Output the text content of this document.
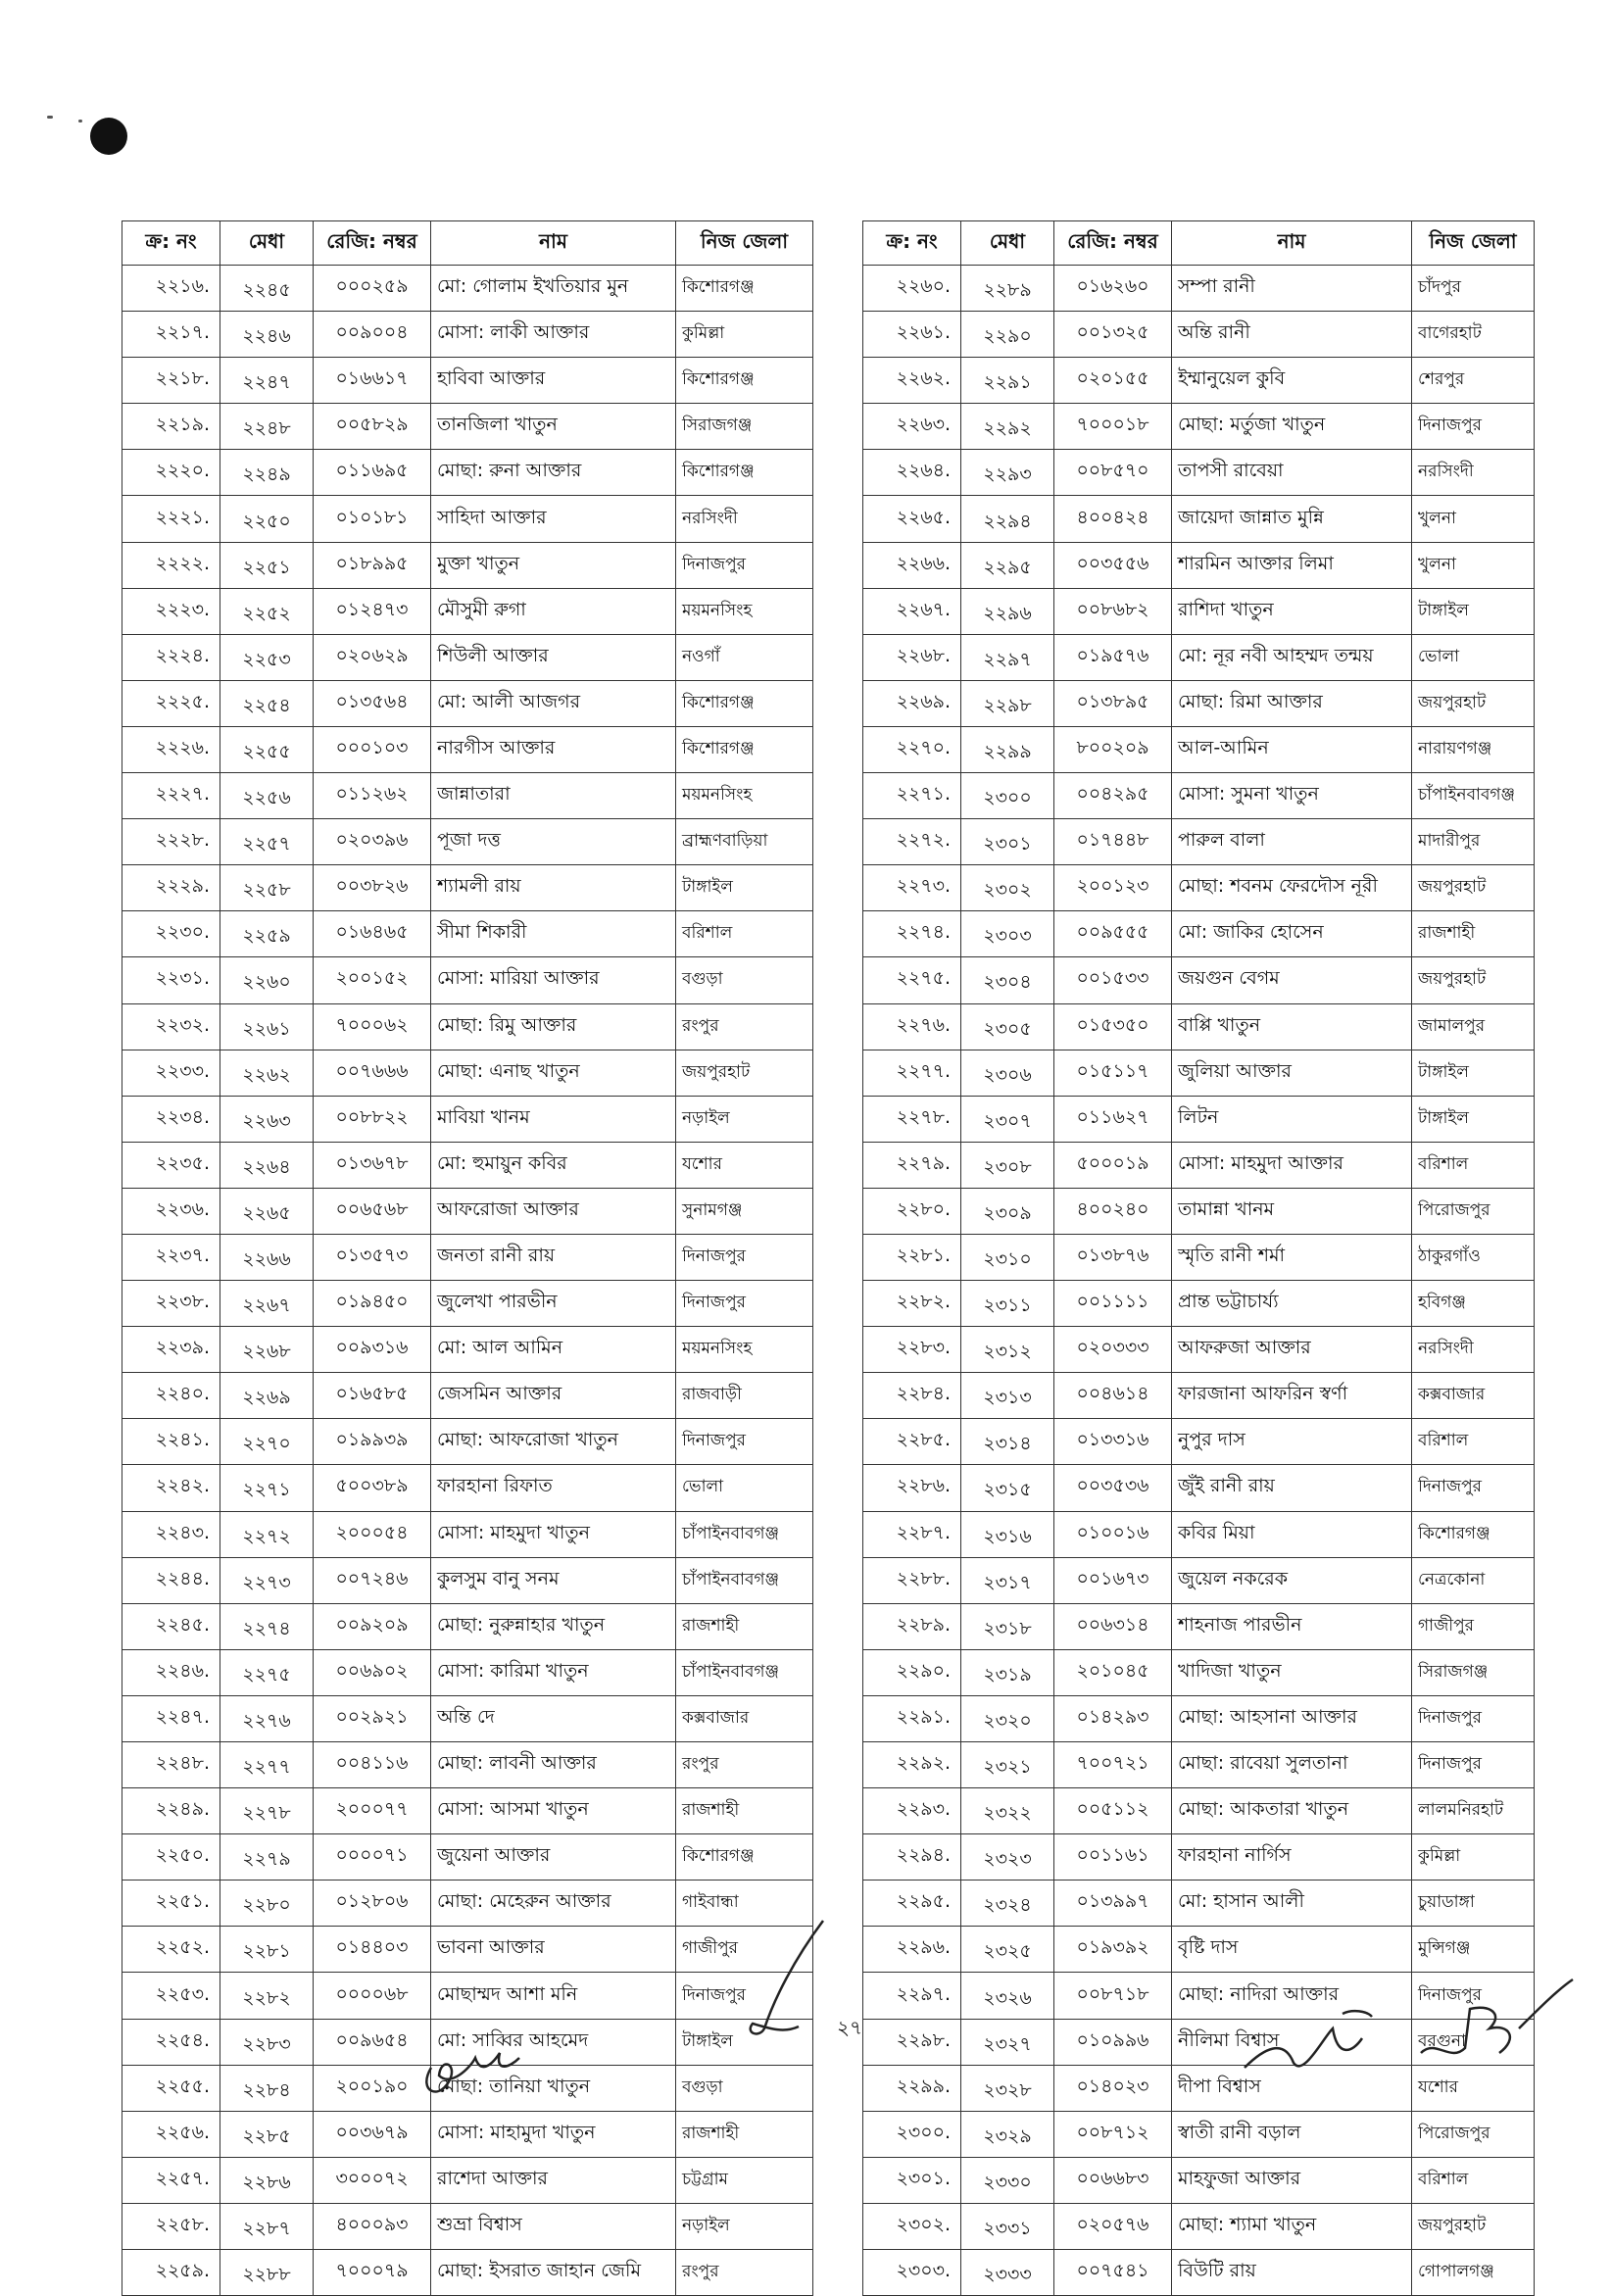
ক্র: নং	মেধা	রেজি: নম্বর	নাম	নিজ জেলা
২২১৬.	২২৪৫	০০০২৫৯	মো: গোলাম ইখতিয়ার মুন	কিশোরগঞ্জ
২২১৭.	২২৪৬	০০৯০০৪	মোসা: লাকী আক্তার	কুমিল্লা
২২১৮.	২২৪৭	০১৬৬১৭	হাবিবা আক্তার	কিশোরগঞ্জ
২২১৯.	২২৪৮	০০৫৮২৯	তানজিলা খাতুন	সিরাজগঞ্জ
২২২০.	২২৪৯	০১১৬৯৫	মোছা: রুনা আক্তার	কিশোরগঞ্জ
২২২১.	২২৫০	০১০১৮১	সাহিদা আক্তার	নরসিংদী
২২২২.	২২৫১	০১৮৯৯৫	মুক্তা খাতুন	দিনাজপুর
২২২৩.	২২৫২	০১২৪৭৩	মৌসুমী রুগা	ময়মনসিংহ
২২২৪.	২২৫৩	০২০৬২৯	শিউলী আক্তার	নওগাঁ
২২২৫.	২২৫৪	০১৩৫৬৪	মো: আলী আজগর	কিশোরগঞ্জ
২২২৬.	২২৫৫	০০০১০৩	নারগীস আক্তার	কিশোরগঞ্জ
২২২৭.	২২৫৬	০১১২৬২	জান্নাতারা	ময়মনসিংহ
২২২৮.	২২৫৭	০২০৩৯৬	পূজা দত্ত	ব্রাহ্মণবাড়িয়া
২২২৯.	২২৫৮	০০৩৮২৬	শ্যামলী রায়	টাঙ্গাইল
২২৩০.	২২৫৯	০১৬৪৬৫	সীমা শিকারী	বরিশাল
২২৩১.	২২৬০	২০০১৫২	মোসা: মারিয়া আক্তার	বগুড়া
২২৩২.	২২৬১	৭০০০৬২	মোছা: রিমু আক্তার	রংপুর
২২৩৩.	২২৬২	০০৭৬৬৬	মোছা: এনাছ খাতুন	জয়পুরহাট
২২৩৪.	২২৬৩	০০৮৮২২	মাবিয়া খানম	নড়াইল
২২৩৫.	২২৬৪	০১৩৬৭৮	মো: হুমায়ুন কবির	যশোর
২২৩৬.	২২৬৫	০০৬৫৬৮	আফরোজা আক্তার	সুনামগঞ্জ
২২৩৭.	২২৬৬	০১৩৫৭৩	জনতা রানী রায়	দিনাজপুর
২২৩৮.	২২৬৭	০১৯৪৫০	জুলেখা পারভীন	দিনাজপুর
২২৩৯.	২২৬৮	০০৯৩১৬	মো: আল আমিন	ময়মনসিংহ
২২৪০.	২২৬৯	০১৬৫৮৫	জেসমিন আক্তার	রাজবাড়ী
২২৪১.	২২৭০	০১৯৯৩৯	মোছা: আফরোজা খাতুন	দিনাজপুর
২২৪২.	২২৭১	৫০০৩৮৯	ফারহানা রিফাত	ভোলা
২২৪৩.	২২৭২	২০০০৫৪	মোসা: মাহমুদা খাতুন	চাঁপাইনবাবগঞ্জ
২২৪৪.	২২৭৩	০০৭২৪৬	কুলসুম বানু সনম	চাঁপাইনবাবগঞ্জ
২২৪৫.	২২৭৪	০০৯২০৯	মোছা: নুরুন্নাহার খাতুন	রাজশাহী
২২৪৬.	২২৭৫	০০৬৯০২	মোসা: কারিমা খাতুন	চাঁপাইনবাবগঞ্জ
২২৪৭.	২২৭৬	০০২৯২১	অন্তি দে	কক্সবাজার
২২৪৮.	২২৭৭	০০৪১১৬	মোছা: লাবনী আক্তার	রংপুর
২২৪৯.	২২৭৮	২০০০৭৭	মোসা: আসমা খাতুন	রাজশাহী
২২৫০.	২২৭৯	০০০০৭১	জুয়েনা আক্তার	কিশোরগঞ্জ
২২৫১.	২২৮০	০১২৮০৬	মোছা: মেহেরুন আক্তার	গাইবান্ধা
২২৫২.	২২৮১	০১৪৪০৩	ভাবনা আক্তার	গাজীপুর
২২৫৩.	২২৮২	০০০০৬৮	মোছাম্মদ আশা মনি	দিনাজপুর
২২৫৪.	২২৮৩	০০৯৬৫৪	মো: সাব্বির আহমেদ	টাঙ্গাইল
২২৫৫.	২২৮৪	২০০১৯০	মোছা: তানিয়া খাতুন	বগুড়া
২২৫৬.	২২৮৫	০০৩৬৭৯	মোসা: মাহামুদা খাতুন	রাজশাহী
২২৫৭.	২২৮৬	৩০০০৭২	রাশেদা আক্তার	চট্টগ্রাম
২২৫৮.	২২৮৭	৪০০০৯৩	শুভ্রা বিশ্বাস	নড়াইল
২২৫৯.	২২৮৮	৭০০০৭৯	মোছা: ইসরাত জাহান জেমি	রংপুর
ক্র: নং	মেধা	রেজি: নম্বর	নাম	নিজ জেলা
২২৬০.	২২৮৯	০১৬২৬০	সম্পা রানী	চাঁদপুর
২২৬১.	২২৯০	০০১৩২৫	অন্তি রানী	বাগেরহাট
২২৬২.	২২৯১	০২০১৫৫	ইম্মানুয়েল কুবি	শেরপুর
২২৬৩.	২২৯২	৭০০০১৮	মোছা: মর্তুজা খাতুন	দিনাজপুর
২২৬৪.	২২৯৩	০০৮৫৭০	তাপসী রাবেয়া	নরসিংদী
২২৬৫.	২২৯৪	৪০০৪২৪	জায়েদা জান্নাত মুন্নি	খুলনা
২২৬৬.	২২৯৫	০০৩৫৫৬	শারমিন আক্তার লিমা	খুলনা
২২৬৭.	২২৯৬	০০৮৬৮২	রাশিদা খাতুন	টাঙ্গাইল
২২৬৮.	২২৯৭	০১৯৫৭৬	মো: নূর নবী আহম্মদ তন্ময়	ভোলা
২২৬৯.	২২৯৮	০১৩৮৯৫	মোছা: রিমা আক্তার	জয়পুরহাট
২২৭০.	২২৯৯	৮০০২০৯	আল-আমিন	নারায়ণগঞ্জ
২২৭১.	২৩০০	০০৪২৯৫	মোসা: সুমনা খাতুন	চাঁপাইনবাবগঞ্জ
২২৭২.	২৩০১	০১৭৪৪৮	পারুল বালা	মাদারীপুর
২২৭৩.	২৩০২	২০০১২৩	মোছা: শবনম ফেরদৌস নূরী	জয়পুরহাট
২২৭৪.	২৩০৩	০০৯৫৫৫	মো: জাকির হোসেন	রাজশাহী
২২৭৫.	২৩০৪	০০১৫৩৩	জয়গুন বেগম	জয়পুরহাট
২২৭৬.	২৩০৫	০১৫৩৫০	বাপ্পি খাতুন	জামালপুর
২২৭৭.	২৩০৬	০১৫১১৭	জুলিয়া আক্তার	টাঙ্গাইল
২২৭৮.	২৩০৭	০১১৬২৭	লিটন	টাঙ্গাইল
২২৭৯.	২৩০৮	৫০০০১৯	মোসা: মাহমুদা আক্তার	বরিশাল
২২৮০.	২৩০৯	৪০০২৪০	তামান্না খানম	পিরোজপুর
২২৮১.	২৩১০	০১৩৮৭৬	স্মৃতি রানী শর্মা	ঠাকুরগাঁও
২২৮২.	২৩১১	০০১১১১	প্রান্ত ভট্টাচার্য্য	হবিগঞ্জ
২২৮৩.	২৩১২	০২০৩৩৩	আফরুজা আক্তার	নরসিংদী
২২৮৪.	২৩১৩	০০৪৬১৪	ফারজানা আফরিন স্বর্ণা	কক্সবাজার
২২৮৫.	২৩১৪	০১৩৩১৬	নুপুর দাস	বরিশাল
২২৮৬.	২৩১৫	০০৩৫৩৬	জুঁই রানী রায়	দিনাজপুর
২২৮৭.	২৩১৬	০১০০১৬	কবির মিয়া	কিশোরগঞ্জ
২২৮৮.	২৩১৭	০০১৬৭৩	জুয়েল নকরেক	নেত্রকোনা
২২৮৯.	২৩১৮	০০৬৩১৪	শাহনাজ পারভীন	গাজীপুর
২২৯০.	২৩১৯	২০১০৪৫	খাদিজা খাতুন	সিরাজগঞ্জ
২২৯১.	২৩২০	০১৪২৯৩	মোছা: আহসানা আক্তার	দিনাজপুর
২২৯২.	২৩২১	৭০০৭২১	মোছা: রাবেয়া সুলতানা	দিনাজপুর
২২৯৩.	২৩২২	০০৫১১২	মোছা: আকতারা খাতুন	লালমনিরহাট
২২৯৪.	২৩২৩	০০১১৬১	ফারহানা নার্গিস	কুমিল্লা
২২৯৫.	২৩২৪	০১৩৯৯৭	মো: হাসান আলী	চুয়াডাঙ্গা
২২৯৬.	২৩২৫	০১৯৩৯২	বৃষ্টি দাস	মুন্সিগঞ্জ
২২৯৭.	২৩২৬	০০৮৭১৮	মোছা: নাদিরা আক্তার	দিনাজপুর
২২৯৮.	২৩২৭	০১০৯৯৬	নীলিমা বিশ্বাস	বরগুনা
২২৯৯.	২৩২৮	০১৪০২৩	দীপা বিশ্বাস	যশোর
২৩০০.	২৩২৯	০০৮৭১২	স্বাতী রানী বড়াল	পিরোজপুর
২৩০১.	২৩৩০	০০৬৬৮৩	মাহফুজা আক্তার	বরিশাল
২৩০২.	২৩৩১	০২০৫৭৬	মোছা: শ্যামা খাতুন	জয়পুরহাট
২৩০৩.	২৩৩৩	০০৭৫৪১	বিউটি রায়	গোপালগঞ্জ
২৭
